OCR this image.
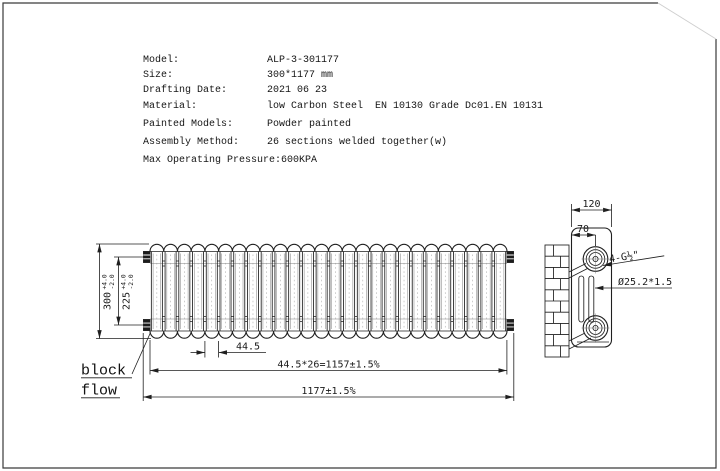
Model:	ALP-3-301177
Size:	300*1177 mm
Drafting Date:	2021 06 23
Material:	low Carbon Steel  EN 10130 Grade Dc01.EN 10131
Painted Models:	Powder painted
Assembly Method:	26 sections welded together(w)
Max Operating Pressure:600KPA
300
+4.0 -2.0
225
+4.0 -2.0
44.5
44.5*26=1157±1.5%
1177±1.5%
block
flow
120
70
4-G½"
Ø25.2*1.5
